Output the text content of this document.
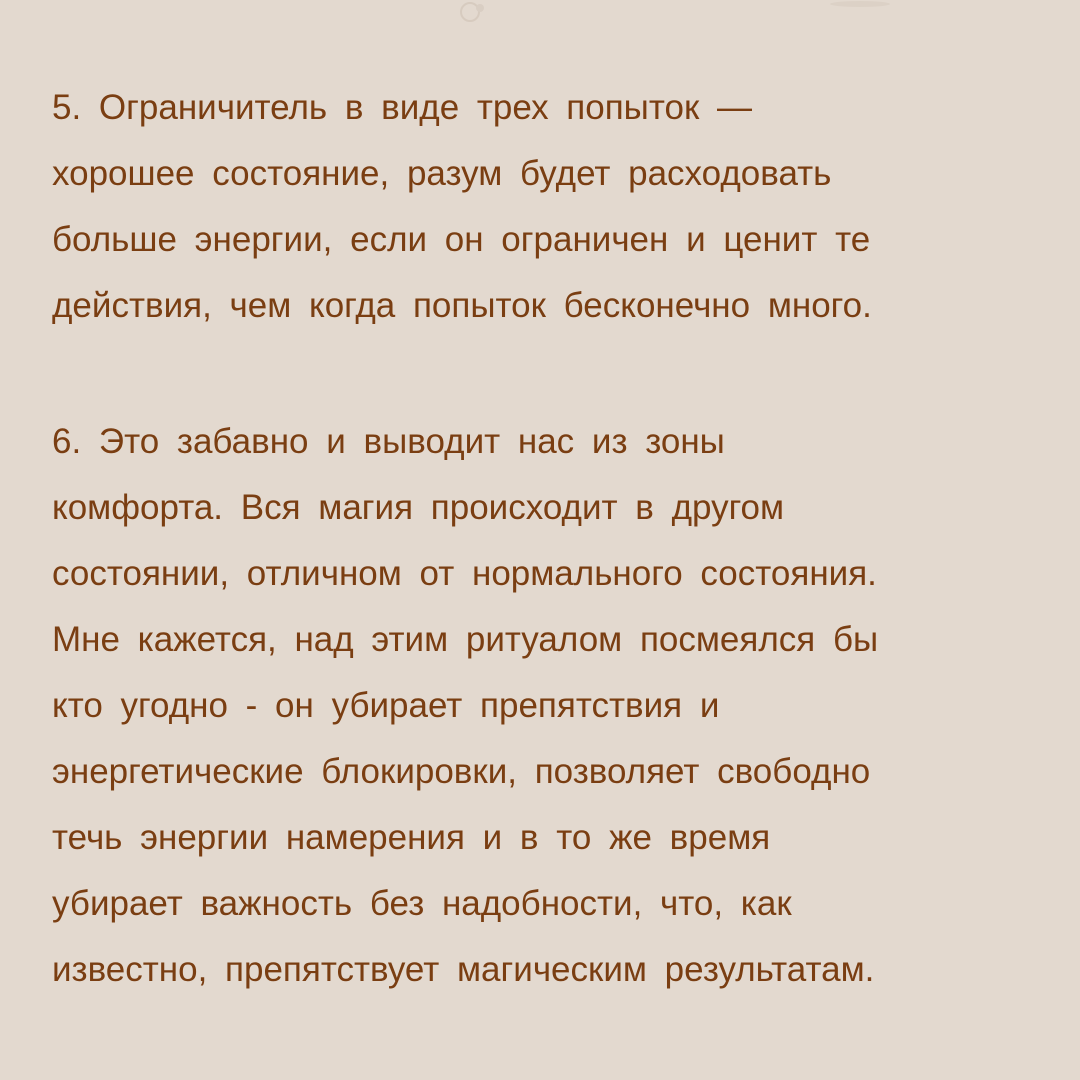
5. Ограничитель в виде трех попыток —
хорошее состояние, разум будет расходовать
больше энергии, если он ограничен и ценит те
действия, чем когда попыток бесконечно много.
6. Это забавно и выводит нас из зоны
комфорта. Вся магия происходит в другом
состоянии, отличном от нормального состояния.
Мне кажется, над этим ритуалом посмеялся бы
кто угодно - он убирает препятствия и
энергетические блокировки, позволяет свободно
течь энергии намерения и в то же время
убирает важность без надобности, что, как
известно, препятствует магическим результатам.
